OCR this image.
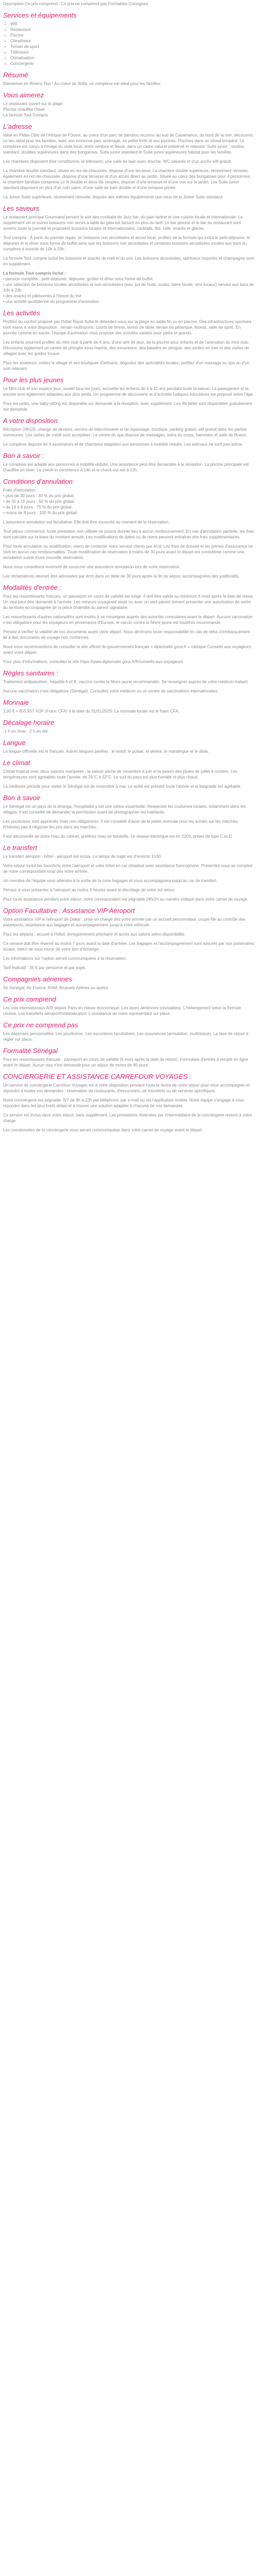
Description Ce prix comprend : Ce prix ne comprend pas Formalités Consignes

Services et équipements
• Wifi
• Restaurant
• Piscine
• Climatiseur
• Terrain de sport
• Télévision
• Climatisation
• Conciergerie
Résumé

Bienvenue en Riviera Tejo ! Au coeur de Sofia, un complexe est idéal pour les familles.

Vous aimerez

Le restaurant ouvert sur la plage

Piscine chauffée l'hiver

La formule Tout Compris

L'adresse

Idéal en Petite Côte de l'Afrique de l'Ouest, au coeur d'un parc de bambou reconnu au sud de Casamance, du bord de la mer, découvrez ce lieu idéal pour les familles, avec son immense parc aménagé, sa petite forêt et ses piscines. Piscines dans un climat tempéré. Le complexe est conçu à l'image du style local, entre verdure et fleurs, dans un cadre naturel préservé et relaxant. Suite junior : studios standard, doubles supérieures dans des bungalows. Suite junior standard et Suite junior supérieures habitat pour les familles.

Les chambres disposent d'air conditionné, la télévision, une salle de bain avec douche, WC séparés et d'un accès wifi gratuit.

La chambre double standard, située en rez-de-chaussée, dispose d'une terrasse. La chambre double supérieure, récemment rénovée, également en rez-de-chaussée, dispose d'une terrasse et d'un accès direct au jardin. Située au cœur des bungalows pour 4 personnes, la chambre familiale comprend un lit double et deux lits simples, dispose d'une terrasse et d'une vue sur le jardin. Les Suite junior standard disposent en plus d'un coin salon, d'une salle de bain double et d'une terrasse privée.

La Junior Suite supérieure, récemment rénovée, dispose des mêmes équipements que ceux de la Junior Suite standard.

Les saveurs

Le restaurant principal Gourmand servant le soir des cocktails de Jazz bar, du pain tartiné et une cuisine locale et internationale. Le supplément vin et autres boissons non servis à table du gala est facturé en plus du tarif. Le bar piscine et le bar du restaurant sont ouverts toute la journée et proposent boissons locales et internationales, cocktails, thé, café, snacks et glaces.

Tout compris : À partir du premier repas, en boissons non alcoolisées et alcool local, profitez de la formule qui inclut le petit-déjeuner, le déjeuner et le dîner sous forme de buffet ainsi que les boissons non alcoolisées et certaines boissons alcoolisées locales aux bars du complexe à volonté de 10h à 23h.

La formule Tout compris inclut les boissons et snacks de midi et du soir. Les boissons alcoolisées, spiritueux importés et champagne sont en supplément.

La formule Tout compris inclut :

• pension complète : petit-déjeuner, déjeuner, goûter et dîner sous forme de buffet
• une sélection de boissons locales alcoolisées et non-alcoolisées (eau, jus de fruits, sodas, bière locale, vins locaux) servies aux bars de 10h à 23h
• des snacks et pâtisseries à l'heure du thé
• une activité quotidienne du programme d'animation

Les activités

Profitez du confort proposé par l'hôtel Royal Sofia et détendez-vous sur la plage en sable fin ou en piscine. Des infrastructures sportives sont mises à votre disposition : terrain multisports, courts de tennis, tennis de table, terrain de pétanque, fitness, salle de sport. En journée comme en soirée, l'équipe d'animation vous propose des activités variées pour petits et grands.

Les enfants pourront profiter du mini-club à partir de 4 ans, d'une aire de jeux, de la piscine pour enfants et de l'animation du mini-club. Découvrez également un centre de plongée sous-marine, des excursions, des balades en pirogue, des sorties en mer et des visites de villages avec les guides locaux.

Pour les amateurs, visitez le village et ses boutiques d'artisans, dégustez des spécialités locales, profitez d'un massage au spa ou d'un soin relaxant.

Pour les plus jeunes

Le Mini-club et son espace jeux, ouvert tous les jours, accueille les enfants de 4 à 12 ans pendant toute la saison. La pataugeoire et la piscine sont également adaptées aux plus petits. Un programme de découverte et d'activités ludiques éducatives est proposé selon l'âge.

Pour les petits, une baby-sitting est disponible sur demande à la réception, avec supplément. Les lits bébé sont disponibles gratuitement sur demande.

A votre disposition

Réception 24h/24, change de devises, service de blanchisserie et de repassage, boutique, parking gratuit, wifi gratuit dans les parties communes. Les cartes de crédit sont acceptées. Le centre de spa dispose de massages, soins du corps, hammam et salle de fitness.

Le complexe dispose de 4 ascenseurs et de chambres adaptées aux personnes à mobilité réduite. Les animaux ne sont pas admis.

Bon à savoir :

Le complexe est adapté aux personnes à mobilité réduite. Une assistance peut être demandée à la réception. La piscine principale est chauffée en hiver. Le check-in commence à 14h et le check-out est à 12h.

Conditions d'annulation

Frais d'annulation :

• plus de 30 jours : 30 % du prix global
• de 30 à 15 jours : 50 % du prix global
• de 14 à 8 jours : 75 % du prix global
• moins de 8 jours : 100 % du prix global

L'assurance annulation est facultative. Elle doit être souscrite au moment de la réservation.

Tout séjour commencé, toute prestation non utilisée ne pourra donner lieu à aucun remboursement. En cas d'annulation partielle, les frais sont calculés sur la base du montant annulé. Les modifications de dates ou de noms peuvent entraîner des frais supplémentaires.

Pour toute annulation ou modification, merci de contacter notre service clients par écrit. Les frais de dossier et les primes d'assurance ne sont en aucun cas remboursables. Toute modification de réservation à moins de 30 jours avant le départ est considérée comme une annulation suivie d'une nouvelle réservation.

Nous vous conseillons vivement de souscrire une assurance annulation lors de votre réservation.

Les réclamations devront être adressées par écrit dans un délai de 30 jours après la fin du séjour, accompagnées des justificatifs.

Modalités d'entrée :

Pour les ressortissants français, un passeport en cours de validité est exigé. Il doit être valide au minimum 6 mois après la date de retour. Un visa peut être demandé à l'arrivée. Les mineurs voyageant seuls ou avec un seul parent doivent présenter une autorisation de sortie du territoire accompagnée de la pièce d'identité du parent signataire.

Les ressortissants d'autres nationalités sont invités à se renseigner auprès des autorités consulaires avant le départ. Aucune vaccination n'est obligatoire pour les voyageurs en provenance d'Europe, le vaccin contre la fièvre jaune est toutefois recommandé.

Pensez à vérifier la validité de vos documents avant votre départ. Nous déclinons toute responsabilité en cas de refus d'embarquement lié à des documents de voyage non conformes.

Nous vous recommandons de consulter le site officiel du gouvernement français « diplomatie.gouv.fr » rubrique Conseils aux voyageurs avant votre départ.

Pour plus d'informations, consultez le site https://www.diplomatie.gouv.fr/fr/conseils-aux-voyageurs

Règles sanitaires :

Traitement antipaludéen, hépatite A et B, vaccins contre la fièvre jaune recommandés. Se renseigner auprès de votre médecin traitant.

Aucune vaccination n'est obligatoire (Sénégal). Consultez votre médecin ou un centre de vaccinations internationales.

Monnaie

1,00 € = 655,957 XOF (Franc CFA) à la date du 01/01/2025. La monnaie locale est le franc CFA.

Décalage horaire

-1 h en hiver, -2 h en été

Langue

La langue officielle est le français. Autres langues parlées : le wolof, le pulaar, le sérère, le mandingue et le diola.

Le climat

Climat tropical avec deux saisons marquées : la saison sèche de novembre à juin et la saison des pluies de juillet à octobre. Les températures sont agréables toute l'année, de 25°C à 32°C. Le sud du pays est plus humide et plus chaud.

La meilleure période pour visiter le Sénégal est de novembre à mai. Le soleil est présent toute l'année et la baignade est agréable.

Bon à savoir

Le Sénégal est un pays de la teranga, l'hospitalité y est une valeur essentielle. Respectez les coutumes locales, notamment dans les villages. Il est conseillé de demander la permission avant de photographier les habitants.

Les pourboires sont appréciés mais non obligatoires. Il est conseillé d'avoir de la petite monnaie pour les achats sur les marchés. N'hésitez pas à négocier les prix dans les marchés.

Il est déconseillé de boire l'eau du robinet, préférez l'eau en bouteille. Le réseau électrique est en 220V, prises de type C et D.

Le transfert

Le transfert aéroport - hôtel - aéroport est inclus. Le temps de trajet est d'environ 1h30.

Votre séjour inclut les transferts entre l'aéroport et votre hôtel en car climatisé avec assistance francophone. Présentez-vous au comptoir de notre correspondant local dès votre arrivée.

Un membre de l'équipe vous attendra à la sortie de la zone bagages et vous accompagnera jusqu'au car de transfert.

Pensez à vous présenter à l'aéroport au moins 3 heures avant le décollage de votre vol retour.

Pour toute assistance pendant votre séjour, notre correspondant est joignable 24h/24 au numéro indiqué dans votre carnet de voyage.

Option Facultative : Assistance VIP Aéroport

Votre assistance VIP à l'aéroport de Dakar : prise en charge dès votre arrivée par un accueil personnalisé, coupe-file au contrôle des passeports, assistance aux bagages et accompagnement jusqu'à votre véhicule.

Pour les départs : accueil à l'hôtel, enregistrement prioritaire et accès aux salons selon disponibilité.

Ce service doit être réservé au moins 7 jours avant la date d'arrivée. Les bagages et l'accompagnement sont assurés par nos partenaires locaux, merci de vous munir de votre bon d'échange.

Les informations sur l'option seront communiquées à la réservation.

Tarif indicatif : 35 € par personne et par trajet.

Compagnies aériennes

Air Sénégal, Air France, RAM, Brussels Airlines ou autres.

Ce prix comprend

Les vols internationaux A/R depuis Paris en classe économique. Les taxes aériennes (révisables). L'hébergement selon la formule choisie. Les transferts aéroport/hôtel/aéroport. L'assistance de notre représentant sur place.

Ce prix ne comprend pas

Les dépenses personnelles. Les pourboires. Les excursions facultatives. Les assurances (annulation, multirisque). La taxe de séjour à régler sur place.

Formalité Sénégal

Pour les ressortissants français : passeport en cours de validité (6 mois après la date de retour). Formulaire d'entrée à remplir en ligne avant le départ. Aucun visa n'est demandé pour un séjour de moins de 90 jours.

CONCIERGERIE ET ASSISTANCE CARREFOUR VOYAGES

Un service de conciergerie Carrefour Voyages est à votre disposition pendant toute la durée de votre séjour pour vous accompagner et répondre à toutes vos demandes : réservation de restaurants, d'excursions, de transferts ou de services spécifiques.

Notre conciergerie est joignable 7j/7 de 8h à 22h par téléphone, par e-mail ou via l'application mobile. Notre équipe s'engage à vous répondre dans les plus brefs délais et à trouver une solution adaptée à chacune de vos demandes.

Ce service est inclus dans votre séjour, sans supplément. Les prestations réservées par l'intermédiaire de la conciergerie restent à votre charge.

Les coordonnées de la conciergerie vous seront communiquées dans votre carnet de voyage avant le départ.
